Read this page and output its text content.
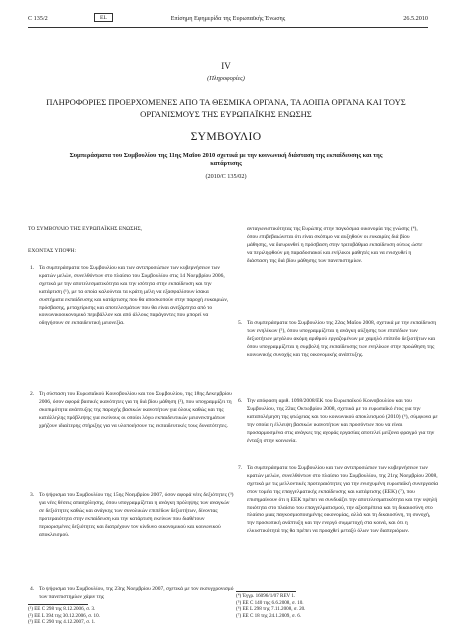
C 135/2	EL	Επίσημη Εφημερίδα της Ευρωπαϊκής Ένωσης	26.5.2010
IV
(Πληροφορίες)
ΠΛΗΡΟΦΟΡΙΕΣ ΠΡΟΕΡΧΟΜΕΝΕΣ ΑΠΟ ΤΑ ΘΕΣΜΙΚΑ ΟΡΓΑΝΑ, ΤΑ ΛΟΙΠΑ ΟΡΓΑΝΑ ΚΑΙ ΤΟΥΣ ΟΡΓΑΝΙΣΜΟΥΣ ΤΗΣ ΕΥΡΩΠΑΪΚΗΣ ΕΝΩΣΗΣ
ΣΥΜΒΟΥΛΙΟ
Συμπεράσματα του Συμβουλίου της 11ης Μαΐου 2010 σχετικά με την κοινωνική διάσταση της εκπαίδευσης και της κατάρτισης
(2010/C 135/02)

ΤΟ ΣΥΜΒΟΥΛΙΟ ΤΗΣ ΕΥΡΩΠΑΪΚΗΣ ΕΝΩΣΗΣ,

ΕΧΟΝΤΑΣ ΥΠΟΨΗ:

1. Τα συμπεράσματα του Συμβουλίου και των αντιπροσώπων των κυβερνήσεων των κρατών μελών, συνελθόντων στο πλαίσιο του Συμβουλίου στις 14 Νοεμβρίου 2006, σχετικά με την αποτελεσματικότητα και την ισότητα στην εκπαίδευση και την κατάρτιση (¹), με τα οποία καλούνται τα κράτη μέλη να εξασφαλίσουν ίσακα συστήματα εκπαίδευσης και κατάρτισης που θα αποσκοπούν στην παροχή ευκαιριών, πρόσβασης, μεταχείρισης και αποτελεσμάτων που θα είναι ανεξάρτητα από το κοινωνικοοικονομικό περιβάλλον και από άλλους παράγοντες που μπορεί να οδηγήσουν σε εκπαιδευτική μειονεξία.

2. Τη σύσταση του Ευρωπαϊκού Κοινοβουλίου και του Συμβουλίου, της 18ης Δεκεμβρίου 2006, όσον αφορά βασικές ικανότητες για τη διά βίου μάθηση (²), που υπογραμμίζει τη σκοπιμότητα ανάπτυξης της παροχής βασικών ικανοτήτων για όλους καθώς και της κατάλληλης πρόβλεψης για εκείνους οι οποίοι λόγω εκπαιδευτικών μειονεκτημάτων χρήζουν ιδιαίτερης στήριξης για να υλοποιήσουν τις εκπαιδευτικές τους δυνατότητες.

3. Το ψήφισμα του Συμβουλίου της 15ης Νοεμβρίου 2007, όσον αφορά νέες δεξιότητες (³) για νέες θέσεις απασχόλησης, όπου υπογραμμίζεται η ανάγκη πρόληψης των αναγκών σε δεξιότητες καθώς και ανάγκης των συνολικών επιπέδων δεξιοτήτων, δίνοντας προτεραιότητα στην εκπαίδευση και την κατάρτιση εκείνων που διαθέτουν περιορισμένες δεξιότητες και διατρέχουν τον κίνδυνο οικονομικού και κοινωνικού αποκλεισμού.

4. Το ψήφισμα του Συμβουλίου, της 23ης Νοεμβρίου 2007, σχετικά με τον εκσυγχρονισμό των πανεπιστημίων χάριν της

(¹) ΕΕ C 298 της 8.12.2006, σ. 3.
(²) ΕΕ L 394 της 30.12.2006, σ. 10.
(³) ΕΕ C 290 της 4.12.2007, σ. 1.

ανταγωνιστικότητας της Ευρώπης στην παγκόσμια οικονομία της γνώσης (⁴), όπου επιβεβαιώνεται ότι είναι σκόπιμο να αυξηθούν οι ευκαιρίες διά βίου μάθησης, να διευρυνθεί η πρόσβαση στην τριτοβάθμια εκπαίδευση ούτως ώστε να περιληφθούν μη παραδοσιακοί και ενήλικοι μαθητές και να ενισχυθεί η διάσταση της διά βίου μάθησης των πανεπιστημίων.

5. Τα συμπεράσματα του Συμβουλίου της 22ας Μαΐου 2008, σχετικά με την εκπαίδευση των ενηλίκων (⁵), όπου υπογραμμίζεται η ανάγκη αύξησης των επιπέδων των δεξιοτήτων μεγάλου ακόμη αριθμού εργαζομένων με χαμηλό επίπεδο δεξιοτήτων και όπου υπογραμμίζεται η συμβολή της εκπαίδευσης των ενηλίκων στην προώθηση της κοινωνικής συνοχής και της οικονομικής ανάπτυξης.

6. Την απόφαση αριθ. 1098/2008/ΕΚ του Ευρωπαϊκού Κοινοβουλίου και του Συμβουλίου, της 22ας Οκτωβρίου 2008, σχετικά με το ευρωπαϊκό έτος για την καταπολέμηση της φτώχειας και του κοινωνικού αποκλεισμού (2010) (⁶), σύμφωνα με την οποία η έλλειψη βασικών ικανοτήτων και προσόντων που να είναι προσαρμοσμένα στις ανάγκες της αγοράς εργασίας αποτελεί μείζονα φραγμό για την ένταξη στην κοινωνία.

7. Τα συμπεράσματα του Συμβουλίου και των αντιπροσώπων των κυβερνήσεων των κρατών μελών, συνελθόντων στο πλαίσιο του Συμβουλίου, της 21ης Νοεμβρίου 2008, σχετικά με τις μελλοντικές προτεραιότητες για την ενισχυμένη ευρωπαϊκή συνεργασία στον τομέα της επαγγελματικής εκπαίδευσης και κατάρτισης (ΕΕΚ) (⁷), που επισημαίνουν ότι η ΕΕΚ πρέπει να συνδυάζει την αποτελεσματικότητα και την υψηλή ποιότητα στο πλαίσιο του επαγγελματισμού, την αξιοπρέπεια και τη δικαιοσύνη στο πλαίσιο μιας παγκοσμιοποιημένης οικονομίας, αλλά και τη δικαιοσύνη, τη συνοχή, την προσωπική ανάπτυξη και την ενεργό συμμετοχή στα κοινά, και ότι η ελκυστικότητά της θα πρέπει να προαχθεί μεταξύ όλων των διαπεριόρων.

(⁴) Έγγρ. 16096/1/07 REV 1.
(⁵) ΕΕ C 140 της 6.6.2008, σ. 10.
(⁶) ΕΕ L 298 της 7.11.2008, σ. 20.
(⁷) ΕΕ C 18 της 24.1.2009, σ. 6.
